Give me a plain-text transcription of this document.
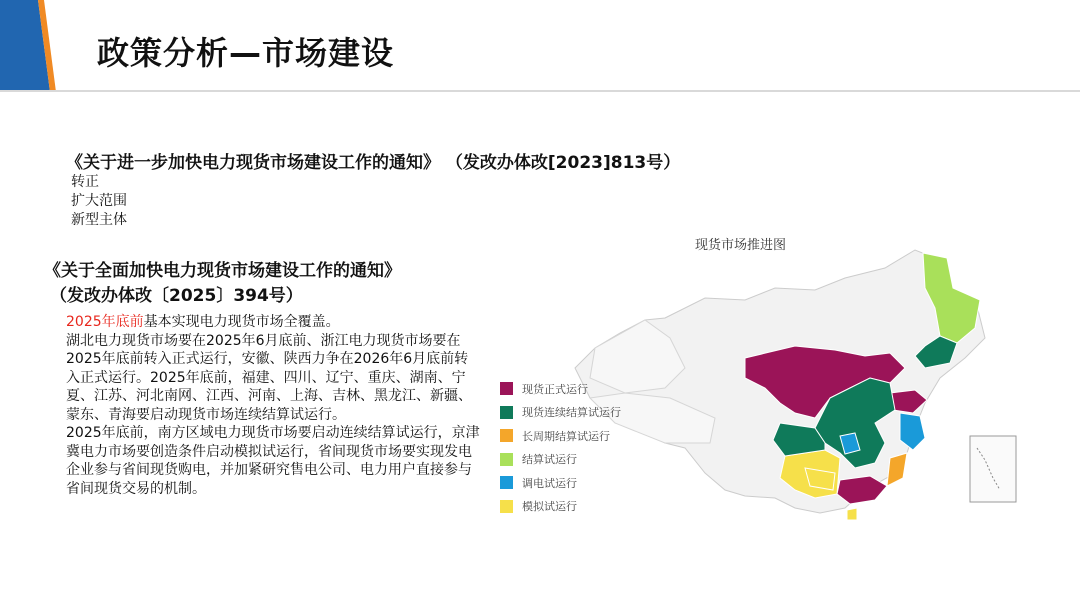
政策分析—市场建设
《关于进一步加快电力现货市场建设工作的通知》 （发改办体改[2023]813号）
转正
扩大范围
新型主体
《关于全面加快电力现货市场建设工作的通知》
（发改办体改〔2025〕394号）
2025年底前基本实现电力现货市场全覆盖。
湖北电力现货市场要在2025年6月底前、浙江电力现货市场要在2025年底前转入正式运行，安徽、陕西力争在2026年6月底前转入正式运行。2025年底前，福建、四川、辽宁、重庆、湖南、宁夏、江苏、河北南网、江西、河南、上海、吉林、黑龙江、新疆、蒙东、青海要启动现货市场连续结算试运行。
2025年底前，南方区域电力现货市场要启动连续结算试运行，京津冀电力市场要创造条件启动模拟试运行，省间现货市场要实现发电企业参与省间现货购电，并加紧研究售电公司、电力用户直接参与省间现货交易的机制。
现货市场推进图
现货正式运行
现货连续结算试运行
长周期结算试运行
结算试运行
调电试运行
模拟试运行
